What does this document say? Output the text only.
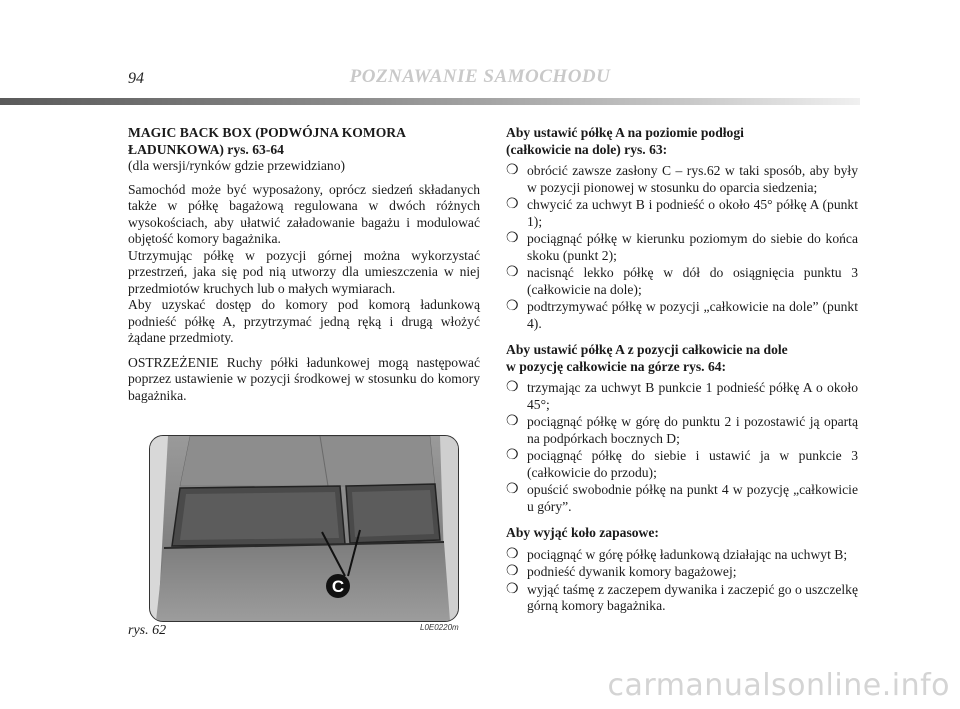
94	POZNAWANIE SAMOCHODU
MAGIC BACK BOX (PODWÓJNA KOMORA
ŁADUNKOWA) rys. 63-64
(dla wersji/rynków gdzie przewidziano)

Samochód może być wyposażony, oprócz siedzeń składanych także w półkę bagażową regulowana w dwóch różnych wysokościach, aby ułatwić załadowanie bagażu i modulować objętość komory bagażnika.

Utrzymując półkę w pozycji górnej można wykorzystać przestrzeń, jaka się pod nią utworzy dla umieszczenia w niej przedmiotów kruchych lub o małych wymiarach.

Aby uzyskać dostęp do komory pod komorą ładunkową podnieść półkę A, przytrzymać jedną ręką i drugą włożyć żądane przedmioty.

OSTRZEŻENIE Ruchy półki ładunkowej mogą następować poprzez ustawienie w pozycji środkowej w stosunku do komory bagażnika.

C
rys. 62	L0E0220m
Aby ustawić półkę A na poziomie podłogi
(całkowicie na dole) rys. 63:
❍ obrócić zawsze zasłony C – rys.62 w taki sposób, aby były w pozycji pionowej w stosunku do oparcia siedzenia;
❍ chwycić za uchwyt B i podnieść o około 45° półkę A (punkt 1);
❍ pociągnąć półkę w kierunku poziomym do siebie do końca skoku (punkt 2);
❍ nacisnąć lekko półkę w dół do osiągnięcia punktu 3 (całkowicie na dole);
❍ podtrzymywać półkę w pozycji „całkowicie na dole” (punkt 4).
Aby ustawić półkę A z pozycji całkowicie na dole
w pozycję całkowicie na górze rys. 64:
❍ trzymając za uchwyt B punkcie 1 podnieść półkę A o około 45°;
❍ pociągnąć półkę w górę do punktu 2 i pozostawić ją opartą na podpórkach bocznych D;
❍ pociągnąć półkę do siebie i ustawić ja w punkcie 3 (całkowicie do przodu);
❍ opuścić swobodnie półkę na punkt 4 w pozycję „całkowicie u góry”.
Aby wyjąć koło zapasowe:
❍ pociągnąć w górę półkę ładunkową działając na uchwyt B;
❍ podnieść dywanik komory bagażowej;
❍ wyjąć taśmę z zaczepem dywanika i zaczepić go o uszczelkę górną komory bagażnika.
carmanualsonline.info
